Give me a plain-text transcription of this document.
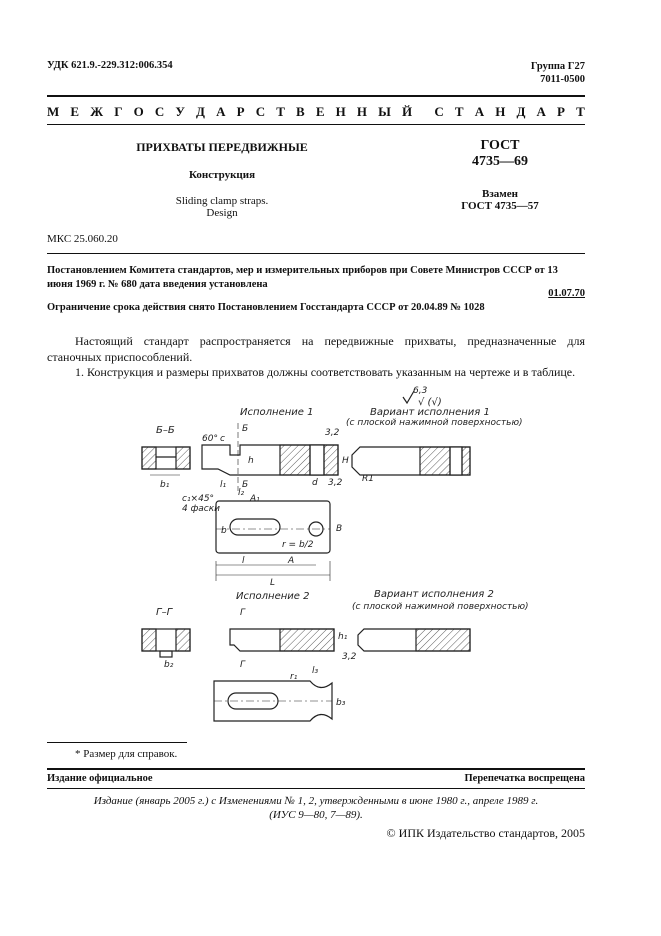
УДК 621.9.-229.312:006.354	Группа Г27
7011-0500
М Е Ж Г О С У Д А Р С Т В Е Н Н Ы Й С Т А Н Д А Р Т
ПРИХВАТЫ ПЕРЕДВИЖНЫЕ
Конструкция
Sliding clamp straps.
Design
ГОСТ
4735—69
Взамен
ГОСТ 4735—57
МКС 25.060.20
Постановлением Комитета стандартов, мер и измерительных приборов при Совете Министров СССР от 13 июня 1969 г. № 680 дата введения установлена
01.07.70
Ограничение срока действия снято Постановлением Госстандарта СССР от 20.04.89 № 1028
Настоящий стандарт распространяется на передвижные прихваты, предназначенные для станочных приспособлений.
1. Конструкция и размеры прихватов должны соответствовать указанным на чертеже и в таблице.
6,3
√ (√)
Исполнение 1	Вариант исполнения 1
(с плоской нажимной поверхностью)
Б–Б
b₁
c
Б
Б
h	H
d
3,2
3,2 R1
60°
l₁
l₂
c₁×45°
4 фаски
A₁
b
r = b/2
B
l	A
L
Исполнение 2	Вариант исполнения 2
(с плоской нажимной поверхностью)
Г–Г
b₂
Г
Г
h₁
3,2
l₃
r₁
b₃
* Размер для справок.
Издание официальное	Перепечатка воспрещена
Издание (январь 2005 г.) с Изменениями № 1, 2, утвержденными в июне 1980 г., апреле 1989 г.
(ИУС 9—80, 7—89).
© ИПК Издательство стандартов, 2005
